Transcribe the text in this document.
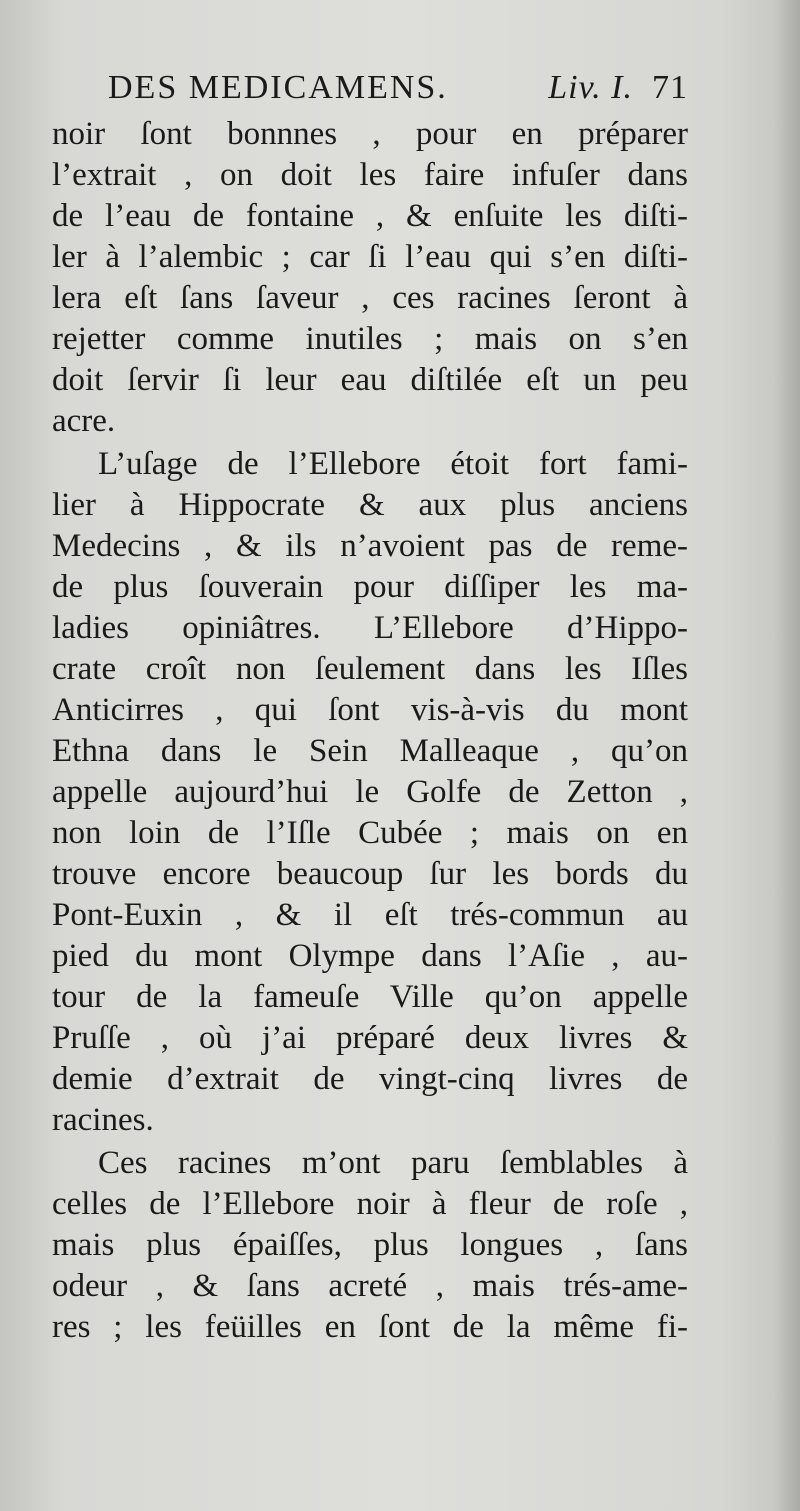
DES MEDICAMENS.	Liv. I. 71
noir ſont bonnnes , pour en préparer
l’extrait , on doit les faire infuſer dans
de l’eau de fontaine , & enſuite les diſti-
ler à l’alembic ; car ſi l’eau qui s’en diſti-
lera eſt ſans ſaveur , ces racines ſeront à
rejetter comme inutiles ; mais on s’en
doit ſervir ſi leur eau diſtilée eſt un peu
acre.
L’uſage de l’Ellebore étoit fort fami-
lier à Hippocrate & aux plus anciens
Medecins , & ils n’avoient pas de reme-
de plus ſouverain pour diſſiper les ma-
ladies opiniâtres. L’Ellebore d’Hippo-
crate croît non ſeulement dans les Iſles
Anticirres , qui ſont vis-à-vis du mont
Ethna dans le Sein Malleaque , qu’on
appelle aujourd’hui le Golfe de Zetton ,
non loin de l’Iſle Cubée ; mais on en
trouve encore beaucoup ſur les bords du
Pont-Euxin , & il eſt trés-commun au
pied du mont Olympe dans l’Aſie , au-
tour de la fameuſe Ville qu’on appelle
Pruſſe , où j’ai préparé deux livres &
demie d’extrait de vingt-cinq livres de
racines.
Ces racines m’ont paru ſemblables à
celles de l’Ellebore noir à fleur de roſe ,
mais plus épaiſſes, plus longues , ſans
odeur , & ſans acreté , mais trés-ame-
res ; les feüilles en ſont de la même fi-
